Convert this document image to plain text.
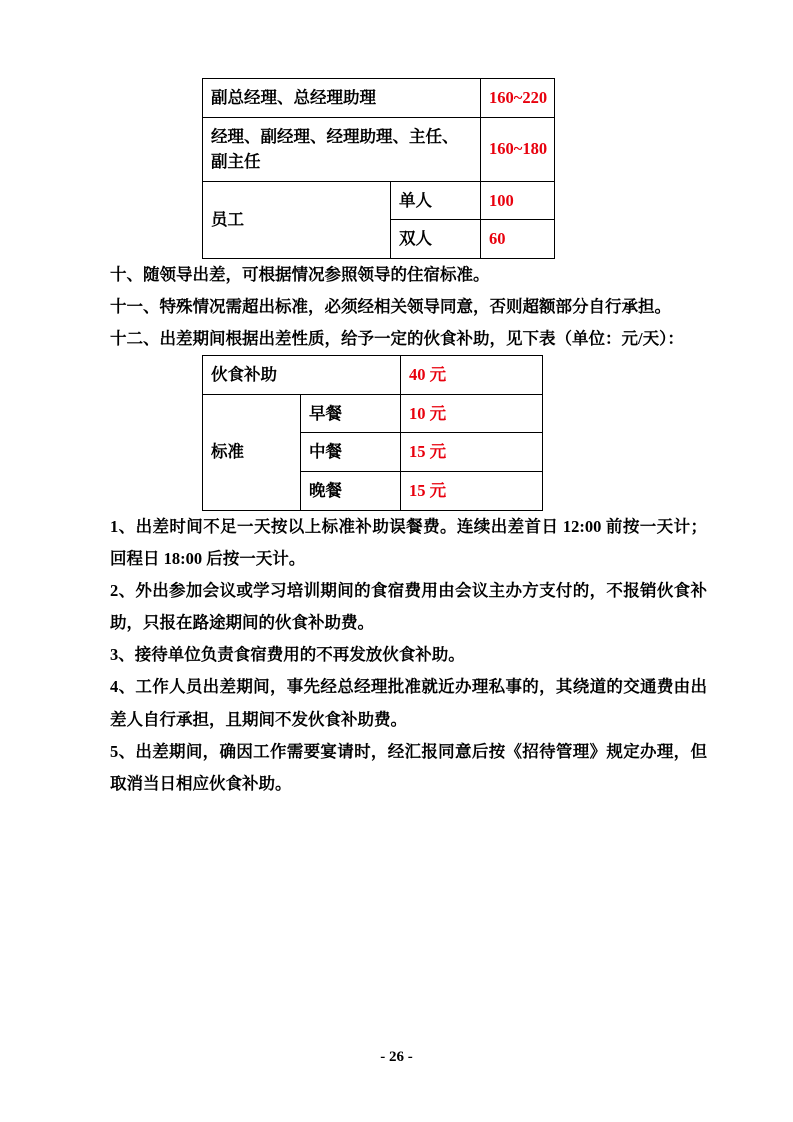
副总经理、总经理助理		160~220
经理、副经理、经理助理、主任、副主任		160~180
员工	单人	100
	双人	60

十、随领导出差，可根据情况参照领导的住宿标准。

十一、特殊情况需超出标准，必须经相关领导同意，否则超额部分自行承担。

十二、出差期间根据出差性质，给予一定的伙食补助，见下表（单位：元/天）：

伙食补助		40 元
标准	早餐	10 元
	中餐	15 元
	晚餐	15 元

1、出差时间不足一天按以上标准补助误餐费。连续出差首日 12:00 前按一天计；回程日 18:00 后按一天计。

2、外出参加会议或学习培训期间的食宿费用由会议主办方支付的，不报销伙食补助，只报在路途期间的伙食补助费。

3、接待单位负责食宿费用的不再发放伙食补助。

4、工作人员出差期间，事先经总经理批准就近办理私事的，其绕道的交通费由出差人自行承担，且期间不发伙食补助费。

5、出差期间，确因工作需要宴请时，经汇报同意后按《招待管理》规定办理，但取消当日相应伙食补助。

- 26 -
